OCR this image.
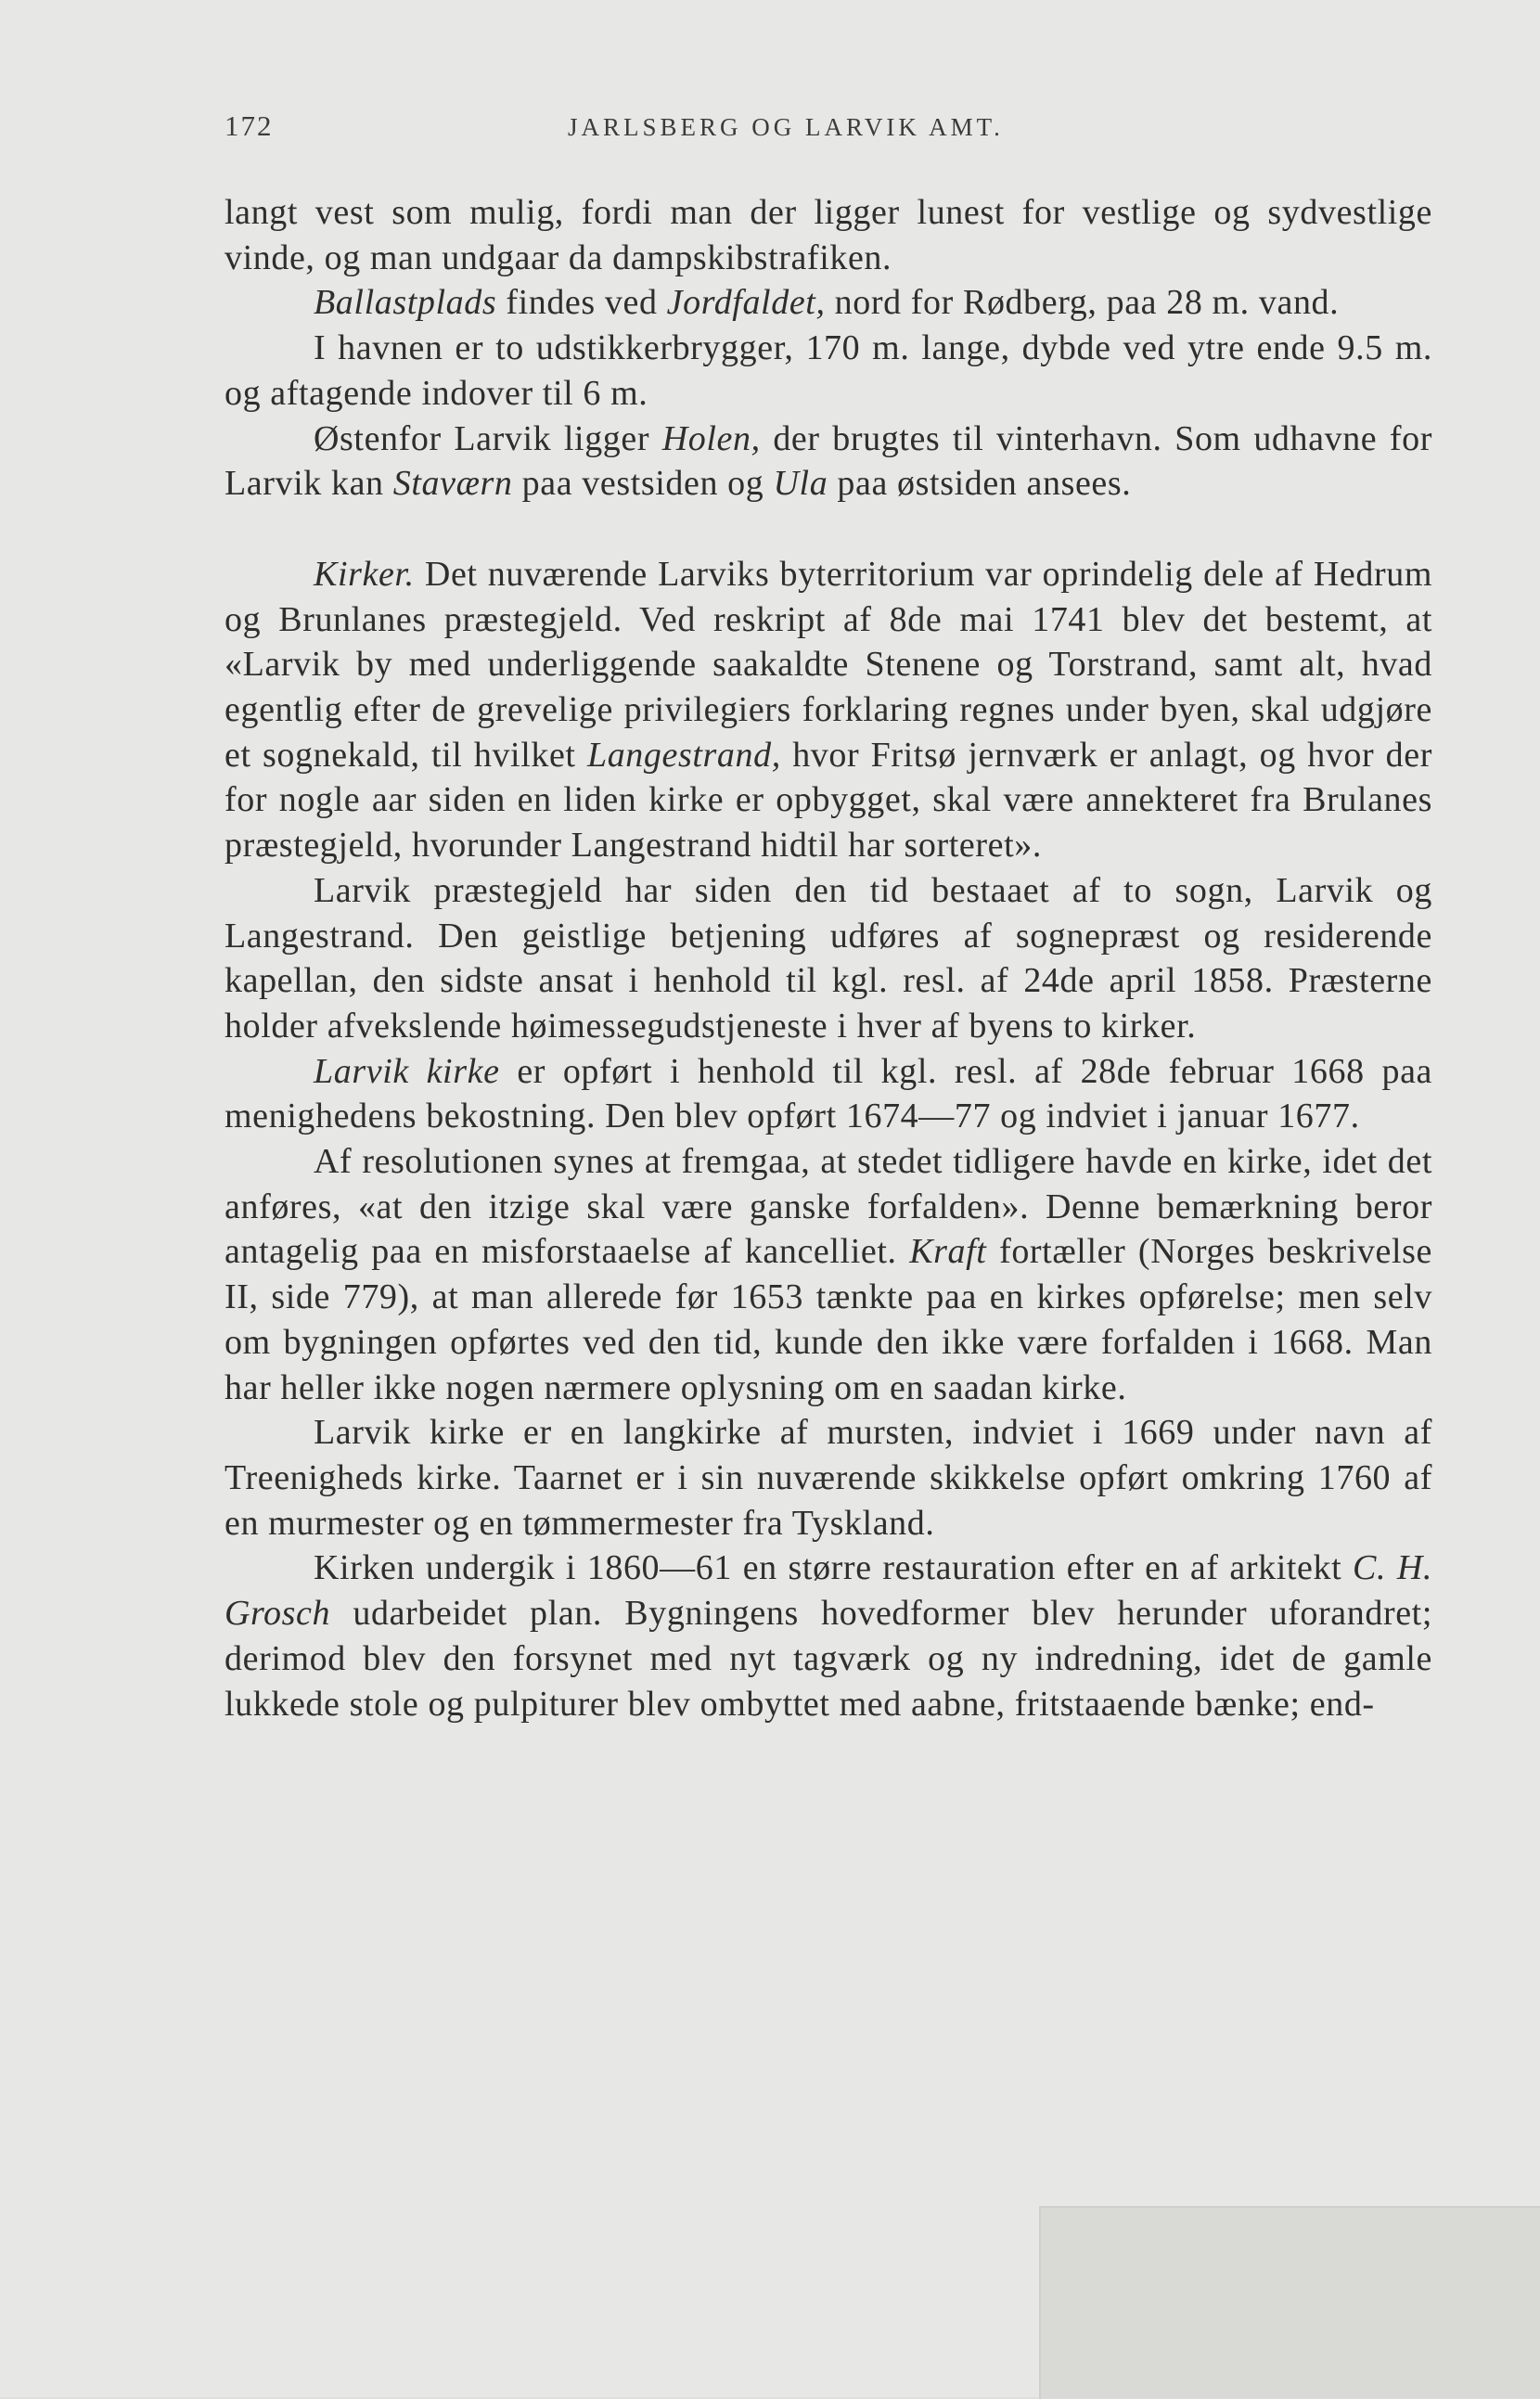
172	JARLSBERG OG LARVIK AMT.

langt vest som mulig, fordi man der ligger lunest for vestlige og sydvestlige vinde, og man undgaar da dampskibstrafiken.

Ballastplads findes ved Jordfaldet, nord for Rødberg, paa 28 m. vand.

I havnen er to udstikkerbrygger, 170 m. lange, dybde ved ytre ende 9.5 m. og aftagende indover til 6 m.

Østenfor Larvik ligger Holen, der brugtes til vinterhavn. Som udhavne for Larvik kan Staværn paa vestsiden og Ula paa østsiden ansees.

Kirker. Det nuværende Larviks byterritorium var oprindelig dele af Hedrum og Brunlanes præstegjeld. Ved reskript af 8de mai 1741 blev det bestemt, at «Larvik by med underliggende saakaldte Stenene og Torstrand, samt alt, hvad egentlig efter de grevelige privilegiers forklaring regnes under byen, skal udgjøre et sognekald, til hvilket Langestrand, hvor Fritsø jernværk er anlagt, og hvor der for nogle aar siden en liden kirke er opbygget, skal være annekteret fra Brulanes præstegjeld, hvorunder Langestrand hidtil har sorteret».

Larvik præstegjeld har siden den tid bestaaet af to sogn, Larvik og Langestrand. Den geistlige betjening udføres af sognepræst og residerende kapellan, den sidste ansat i henhold til kgl. resl. af 24de april 1858. Præsterne holder afvekslende høimessegudstjeneste i hver af byens to kirker.

Larvik kirke er opført i henhold til kgl. resl. af 28de februar 1668 paa menighedens bekostning. Den blev opført 1674—77 og indviet i januar 1677.

Af resolutionen synes at fremgaa, at stedet tidligere havde en kirke, idet det anføres, «at den itzige skal være ganske forfalden». Denne bemærkning beror antagelig paa en misforstaaelse af kancelliet. Kraft fortæller (Norges beskrivelse II, side 779), at man allerede før 1653 tænkte paa en kirkes opførelse; men selv om bygningen opførtes ved den tid, kunde den ikke være forfalden i 1668. Man har heller ikke nogen nærmere oplysning om en saadan kirke.

Larvik kirke er en langkirke af mursten, indviet i 1669 under navn af Treenigheds kirke. Taarnet er i sin nuværende skikkelse opført omkring 1760 af en murmester og en tømmermester fra Tyskland.

Kirken undergik i 1860—61 en større restauration efter en af arkitekt C. H. Grosch udarbeidet plan. Bygningens hovedformer blev herunder uforandret; derimod blev den forsynet med nyt tagværk og ny indredning, idet de gamle lukkede stole og pulpiturer blev ombyttet med aabne, fritstaaende bænke; end-
